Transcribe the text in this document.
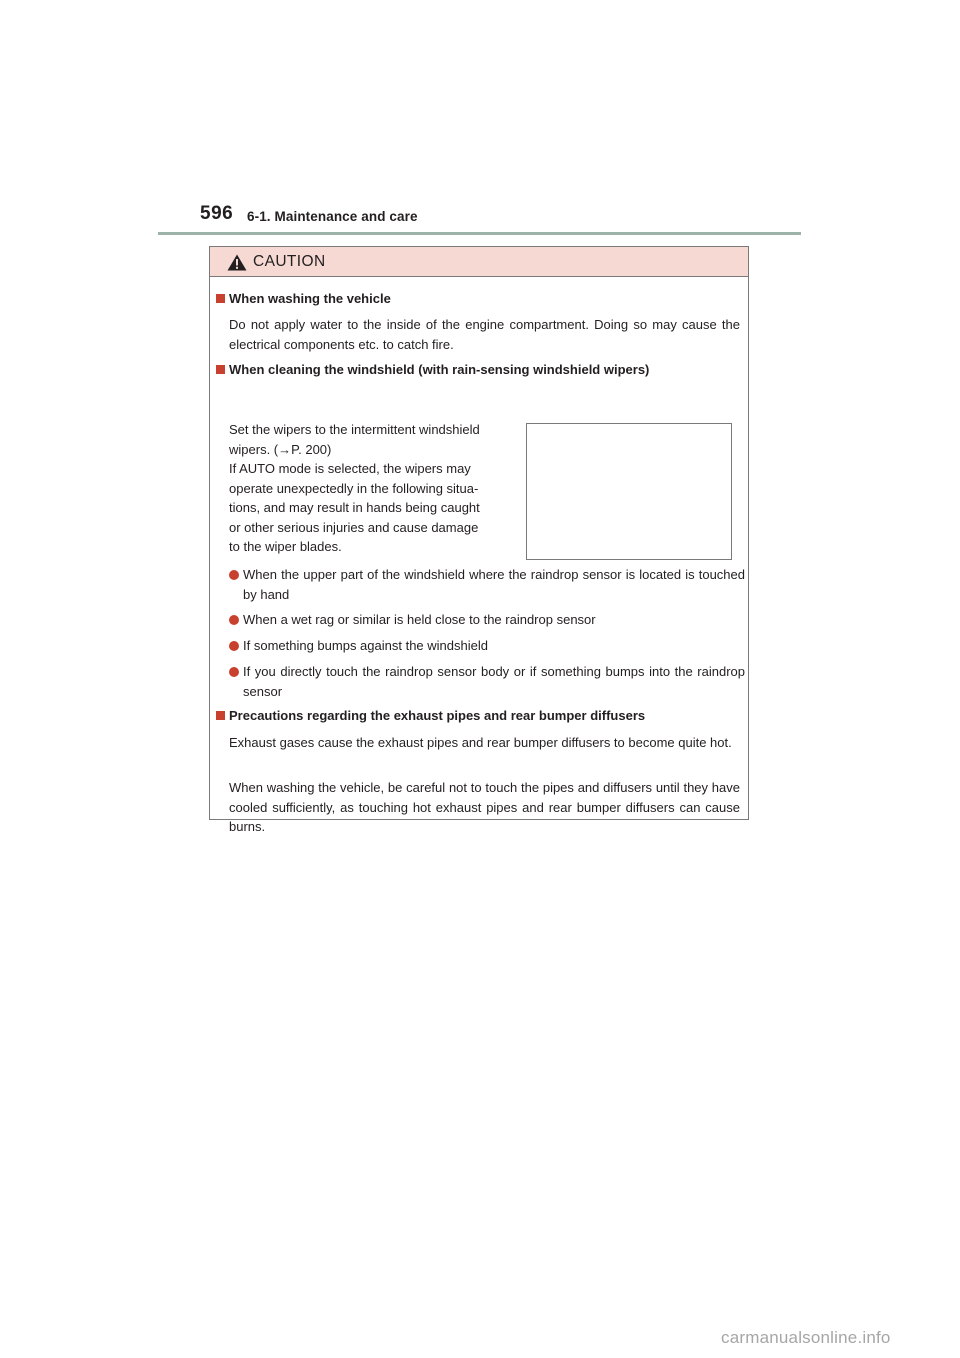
596 6-1. Maintenance and care
CAUTION
When washing the vehicle
Do not apply water to the inside of the engine compartment. Doing so may cause the electrical components etc. to catch fire.
When cleaning the windshield (with rain-sensing windshield wipers)
Set the wipers to the intermittent windshield
wipers. (→P. 200)
If AUTO mode is selected, the wipers may
operate unexpectedly in the following situa-
tions, and may result in hands being caught
or other serious injuries and cause damage
to the wiper blades.
When the upper part of the windshield where the raindrop sensor is located is touched by hand
When a wet rag or similar is held close to the raindrop sensor
If something bumps against the windshield
If you directly touch the raindrop sensor body or if something bumps into the raindrop sensor
Precautions regarding the exhaust pipes and rear bumper diffusers
Exhaust gases cause the exhaust pipes and rear bumper diffusers to become quite hot.
When washing the vehicle, be careful not to touch the pipes and diffusers until they have cooled sufficiently, as touching hot exhaust pipes and rear bumper diffusers can cause burns.
carmanualsonline.info
